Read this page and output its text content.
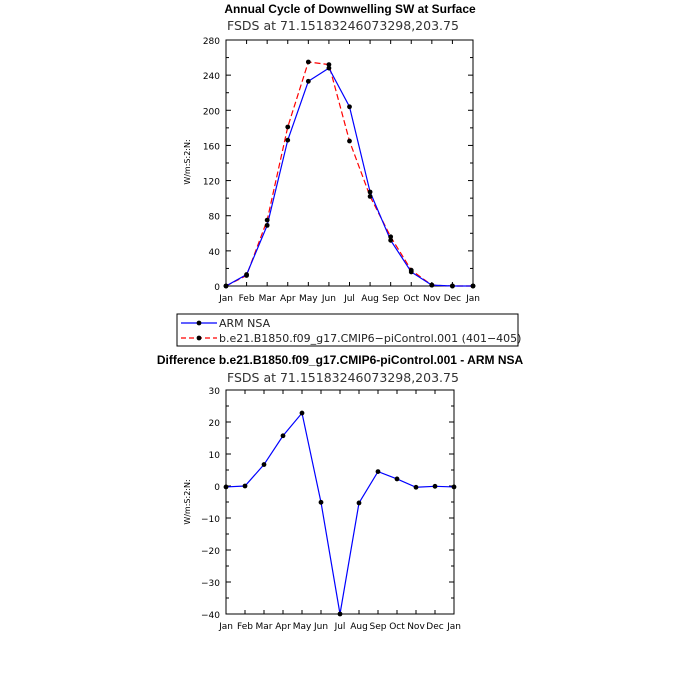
Annual Cycle of Downwelling SW at Surface
FSDS at 71.15183246073298,203.75
W/m:S:2:N:
Jan Feb Mar Apr May Jun Jul Aug Sep Oct Nov Dec Jan
0
40
80
120
160
200
240
280
ARM NSA
b.e21.B1850.f09_g17.CMIP6−piControl.001 (401−405)
Difference b.e21.B1850.f09_g17.CMIP6-piControl.001 - ARM NSA
FSDS at 71.15183246073298,203.75
W/m:S:2:N:
Jan Feb Mar Apr May Jun Jul Aug Sep Oct Nov Dec Jan
−40
−30
−20
−10
0
10
20
30
